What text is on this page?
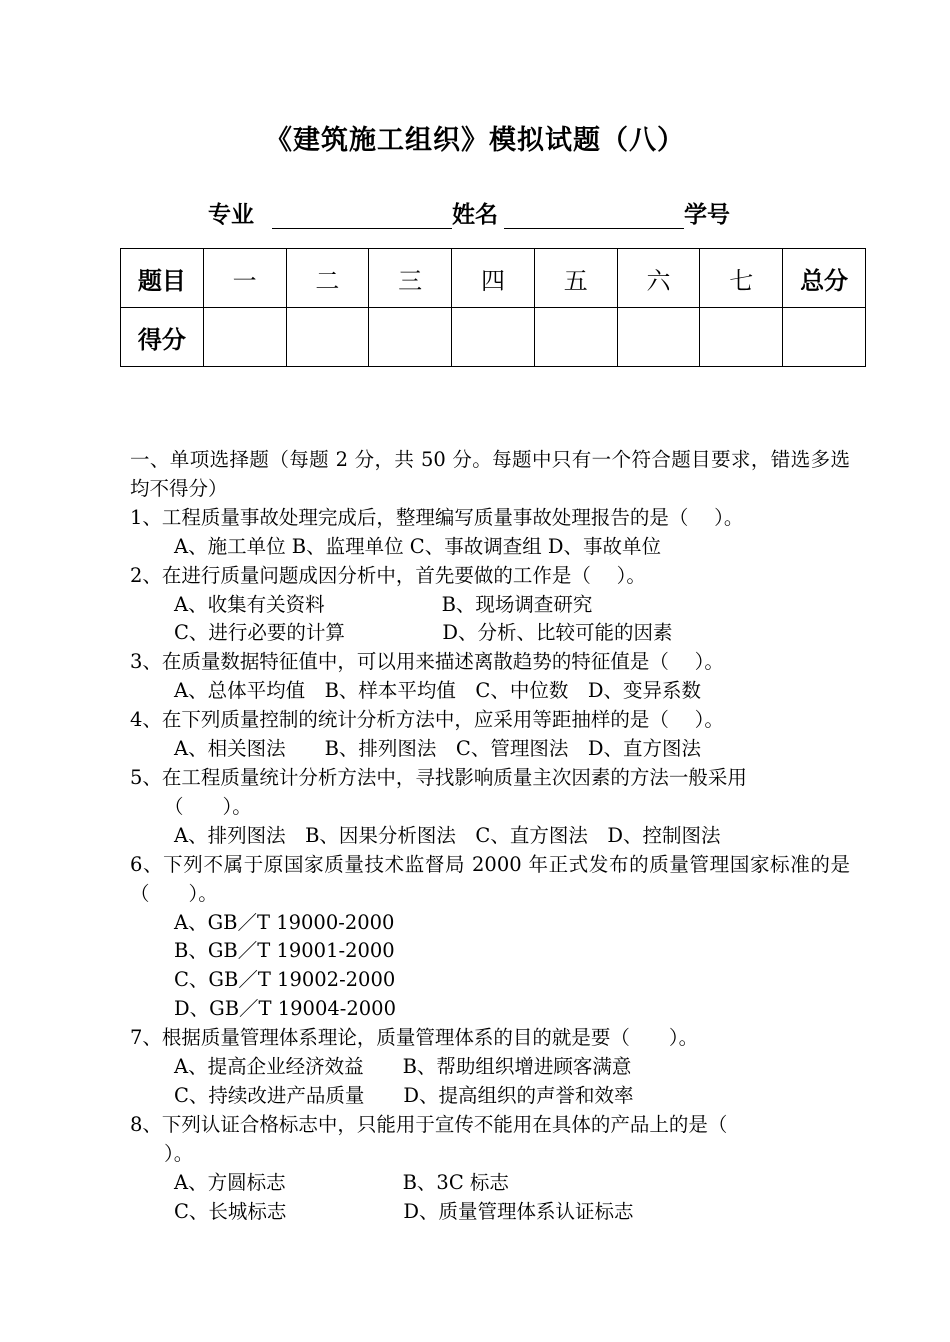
《建筑施工组织》模拟试题（八）
专业	姓名	学号
题目	一	二	三	四	五	六	七	总分
得分								
一、单项选择题（每题 2 分，共 50 分。每题中只有一个符合题目要求，错选多选均不得分）
1、工程质量事故处理完成后，整理编写质量事故处理报告的是（　 ）。
A、施工单位 B、监理单位 C、事故调查组 D、事故单位
2、在进行质量问题成因分析中，首先要做的工作是（　 ）。
A、收集有关资料　　　　　　B、现场调查研究
C、进行必要的计算　　　　　D、分析、比较可能的因素
3、在质量数据特征值中，可以用来描述离散趋势的特征值是（　 ）。
A、总体平均值　B、样本平均值　C、中位数　D、变异系数
4、在下列质量控制的统计分析方法中，应采用等距抽样的是（　 ）。
A、相关图法　　B、排列图法　C、管理图法　D、直方图法
5、在工程质量统计分析方法中，寻找影响质量主次因素的方法一般采用
（　　）。
A、排列图法　B、因果分析图法　C、直方图法　D、控制图法
6、下列不属于原国家质量技术监督局 2000 年正式发布的质量管理国家标准的是（　　）。
A、GB／T 19000-2000
B、GB／T 19001-2000
C、GB／T 19002-2000
D、GB／T 19004-2000
7、根据质量管理体系理论，质量管理体系的目的就是要（　　）。
A、提高企业经济效益　　B、帮助组织增进顾客满意
C、持续改进产品质量　　D、提高组织的声誉和效率
8、下列认证合格标志中，只能用于宣传不能用在具体的产品上的是（
）。
A、方圆标志　　　　　　B、3C 标志
C、长城标志　　　　　　D、质量管理体系认证标志
